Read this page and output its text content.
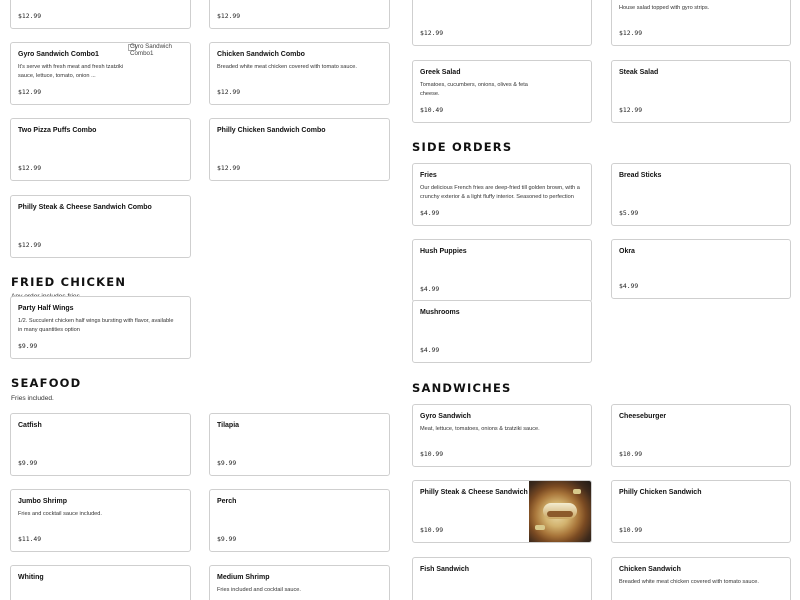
$12.99	$12.99
$12.99
House salad topped with gyro strips.
$12.99
Gyro Sandwich Combo1
It's serve with fresh meat and fresh tzatziki sauce, lettuce, tomato, onion ...
$12.99
Gyro Sandwich Combo1	Chicken Sandwich Combo
Breaded white meat chicken covered with tomato sauce.
$12.99
Two Pizza Puffs Combo
$12.99
Philly Chicken Sandwich Combo
$12.99
Philly Steak & Cheese Sandwich Combo
$12.99
Greek Salad
Tomatoes, cucumbers, onions, olives & feta cheese.
$10.49
Steak Salad
$12.99
SIDE ORDERS
Fries
Our delicious French fries are deep-fried till golden brown, with a crunchy exterior & a light fluffy interior. Seasoned to perfection
$4.99
Bread Sticks
$5.99
Hush Puppies
$4.99
Okra
$4.99
Mushrooms
$4.99
FRIED CHICKEN
Party Half Wings
1/2. Succulent chicken half wings bursting with flavor, available in many quantities option
$9.99
SEAFOOD
Fries included.
Catfish
$9.99
Tilapia
$9.99
Jumbo Shrimp
Fries and cocktail sauce included.
$11.49
Perch
$9.99
Whiting	Medium Shrimp
Fries included and cocktail sauce.
SANDWICHES
Gyro Sandwich
Meat, lettuce, tomatoes, onions & tzatziki sauce.
$10.99
Cheeseburger
$10.99
Philly Steak & Cheese Sandwich
$10.99
Philly Chicken Sandwich
$10.99
Fish Sandwich	Chicken Sandwich
Breaded white meat chicken covered with tomato sauce.
